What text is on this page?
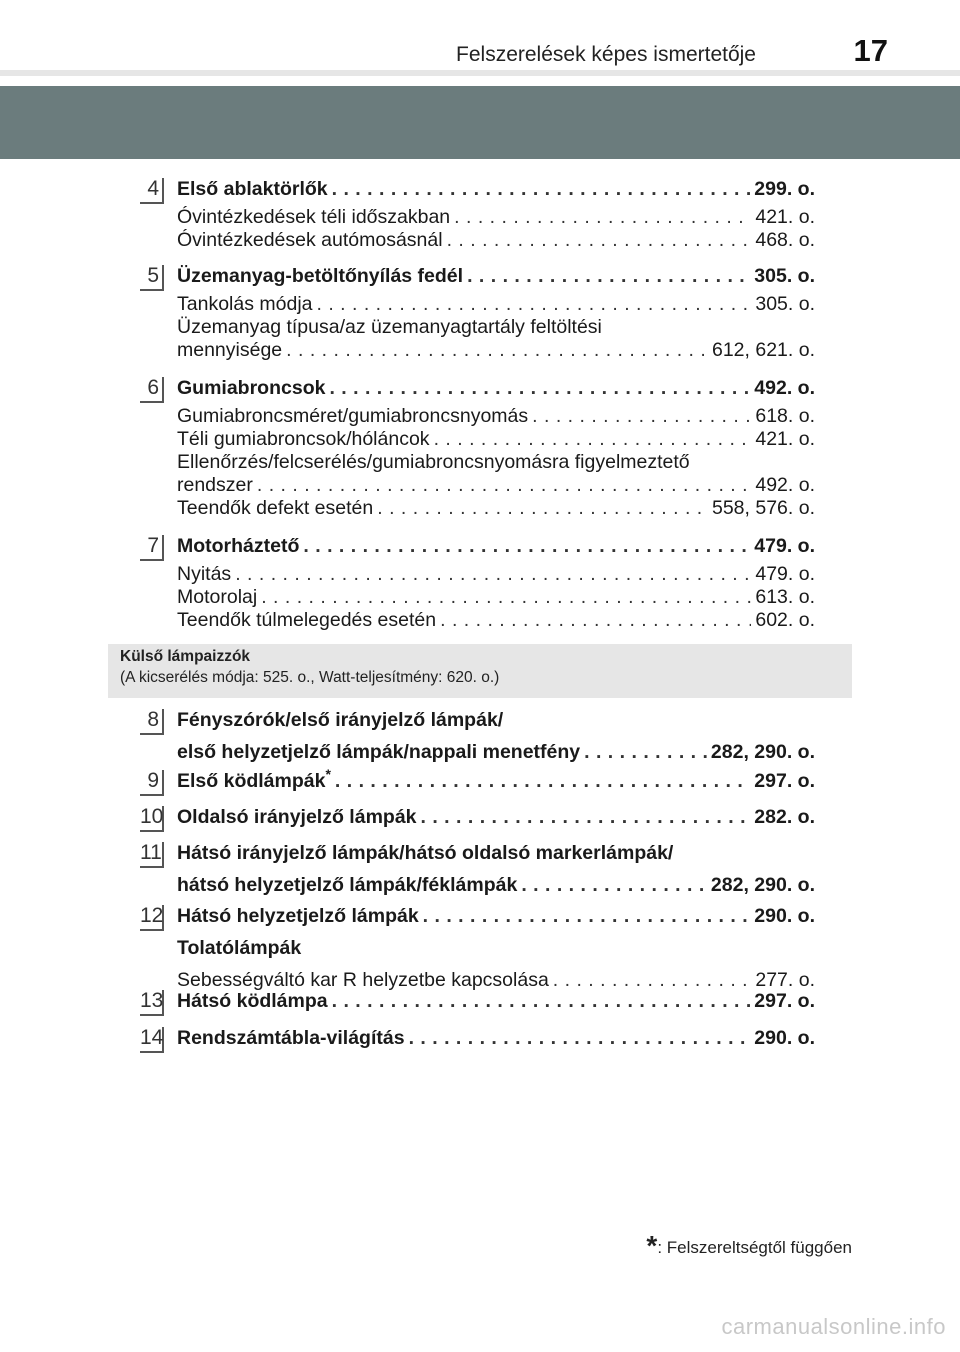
Felszerelések képes ismertetője	17
4 Első ablaktörlők . . .	299. o.
Óvintézkedések téli időszakban . . .	421. o.
Óvintézkedések autómosásnál . . .	468. o.
5 Üzemanyag-betöltőnyílás fedél . . .	305. o.
Tankolás módja . . .	305. o.
Üzemanyag típusa/az üzemanyagtartály feltöltési
mennyisége . . .	612, 621. o.
6 Gumiabroncsok . . .	492. o.
Gumiabroncsméret/gumiabroncsnyomás . . .	618. o.
Téli gumiabroncsok/hóláncok . . .	421. o.
Ellenőrzés/felcserélés/gumiabroncsnyomásra figyelmeztető
rendszer . . .	492. o.
Teendők defekt esetén . . .	558, 576. o.
7 Motorháztető . . .	479. o.
Nyitás . . .	479. o.
Motorolaj . . .	613. o.
Teendők túlmelegedés esetén . . .	602. o.
Külső lámpaizzók
(A kicserélés módja: 525. o., Watt-teljesítmény: 620. o.)
8 Fényszórók/első irányjelző lámpák/
első helyzetjelző lámpák/nappali menetfény . . .	282, 290. o.
9 Első ködlámpák* . . .	297. o.
10 Oldalsó irányjelző lámpák . . .	282. o.
11 Hátsó irányjelző lámpák/hátsó oldalsó markerlámpák/
hátsó helyzetjelző lámpák/féklámpák . . .	282, 290. o.
12 Hátsó helyzetjelző lámpák . . .	290. o.
Tolatólámpák
Sebességváltó kar R helyzetbe kapcsolása . . .	277. o.
13 Hátsó ködlámpa . . .	297. o.
14 Rendszámtábla-világítás . . .	290. o.
*: Felszereltségtől függően
carmanualsonline.info
